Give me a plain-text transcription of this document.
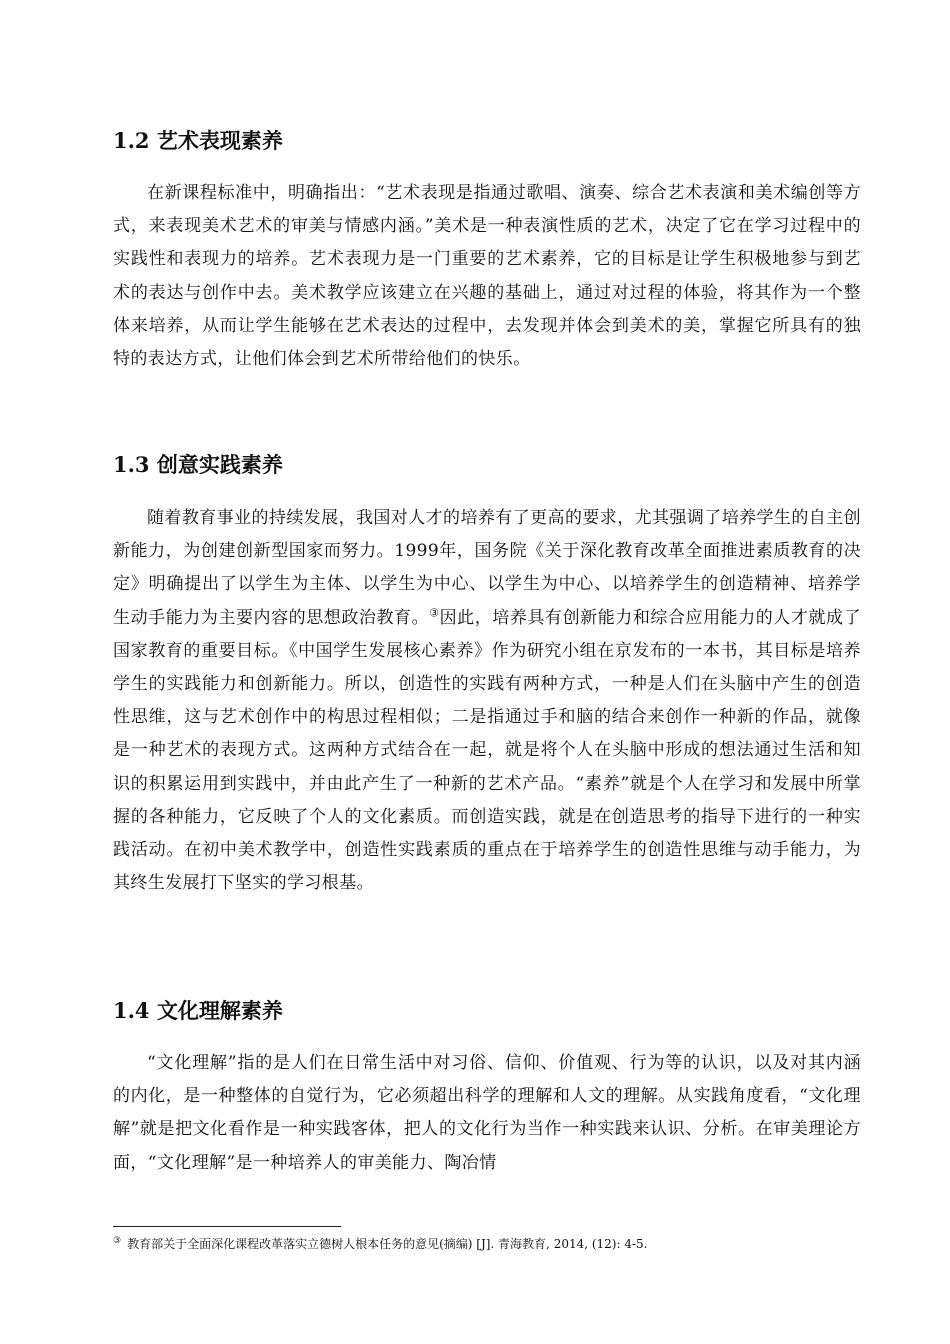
1.2 艺术表现素养

在新课程标准中，明确指出：“艺术表现是指通过歌唱、演奏、综合艺术表演和美术编创等方式，来表现美术艺术的审美与情感内涵。”美术是一种表演性质的艺术，决定了它在学习过程中的实践性和表现力的培养。艺术表现力是一门重要的艺术素养，它的目标是让学生积极地参与到艺术的表达与创作中去。美术教学应该建立在兴趣的基础上，通过对过程的体验，将其作为一个整体来培养，从而让学生能够在艺术表达的过程中，去发现并体会到美术的美，掌握它所具有的独特的表达方式，让他们体会到艺术所带给他们的快乐。

1.3 创意实践素养

随着教育事业的持续发展，我国对人才的培养有了更高的要求，尤其强调了培养学生的自主创新能力，为创建创新型国家而努力。1999年，国务院《关于深化教育改革全面推进素质教育的决定》明确提出了以学生为主体、以学生为中心、以学生为中心、以培养学生的创造精神、培养学生动手能力为主要内容的思想政治教育。③因此，培养具有创新能力和综合应用能力的人才就成了国家教育的重要目标。《中国学生发展核心素养》作为研究小组在京发布的一本书，其目标是培养学生的实践能力和创新能力。所以，创造性的实践有两种方式，一种是人们在头脑中产生的创造性思维，这与艺术创作中的构思过程相似；二是指通过手和脑的结合来创作一种新的作品，就像是一种艺术的表现方式。这两种方式结合在一起，就是将个人在头脑中形成的想法通过生活和知识的积累运用到实践中，并由此产生了一种新的艺术产品。“素养”就是个人在学习和发展中所掌握的各种能力，它反映了个人的文化素质。而创造实践，就是在创造思考的指导下进行的一种实践活动。在初中美术教学中，创造性实践素质的重点在于培养学生的创造性思维与动手能力，为其终生发展打下坚实的学习根基。

1.4 文化理解素养

“文化理解”指的是人们在日常生活中对习俗、信仰、价值观、行为等的认识，以及对其内涵的内化，是一种整体的自觉行为，它必须超出科学的理解和人文的理解。从实践角度看，“文化理解”就是把文化看作是一种实践客体，把人的文化行为当作一种实践来认识、分析。在审美理论方面，“文化理解”是一种培养人的审美能力、陶冶情

③ 教育部关于全面深化课程改革落实立德树人根本任务的意见(摘编) [J]. 青海教育, 2014, (12): 4-5.
